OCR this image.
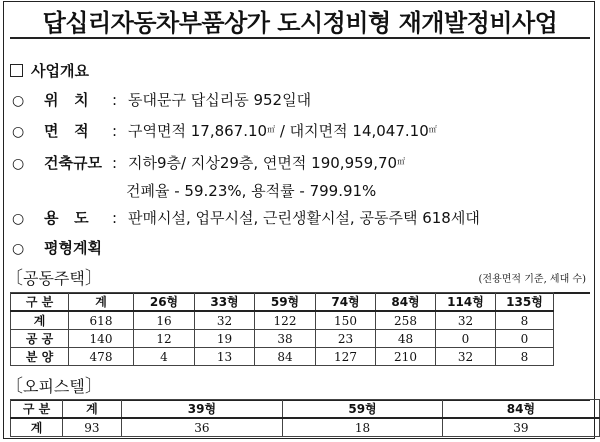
답십리자동차부품상가 도시정비형 재개발정비사업
사업개요
○ 위   치 : 동대문구 답십리동 952일대
○ 면   적 : 구역면적 17,867.10㎡ / 대지면적 14,047.10㎡
○ 건축규모 : 지하9층/ 지상29층, 연면적 190,959,70㎡
건폐율 - 59.23%, 용적률 - 799.91%
○ 용   도 : 판매시설, 업무시설, 근린생활시설, 공동주택 618세대
○ 평형계획
〔공동주택〕	(전용면적 기준, 세대 수)
구 분	계	26형	33형	59형	74형	84형	114형	135형
계	618	16	32	122	150	258	32	8
공 공	140	12	19	38	23	48	0	0
분 양	478	4	13	84	127	210	32	8
〔오피스텔〕
구 분	계	39형	59형	84형
계	93	36	18	39
